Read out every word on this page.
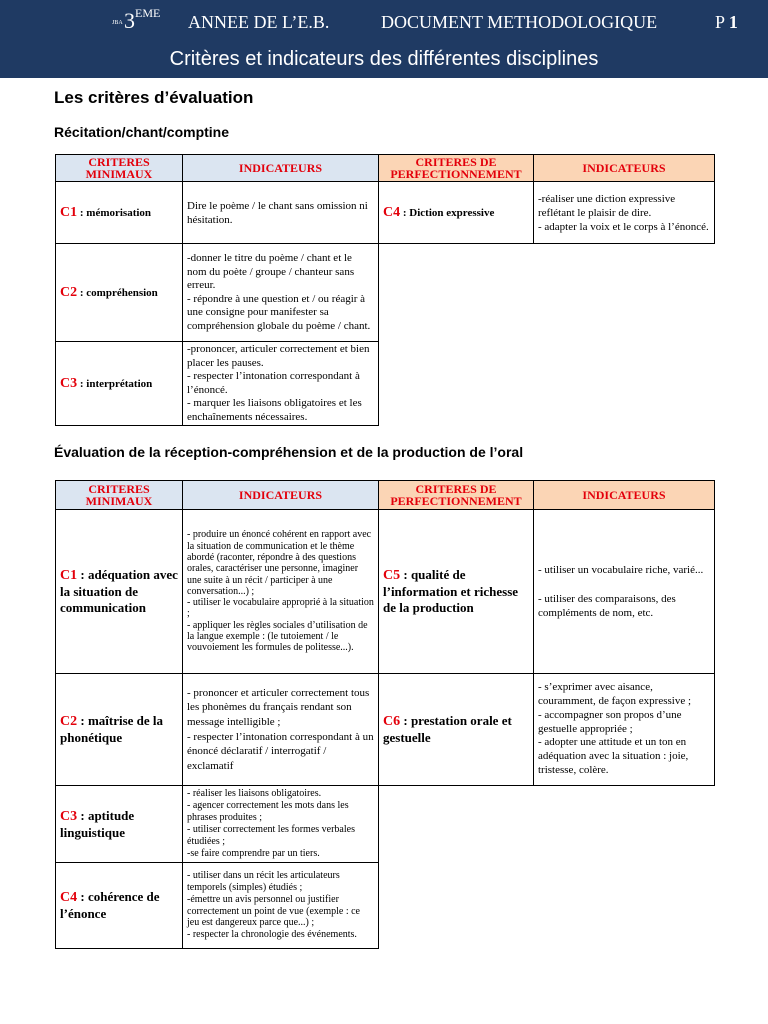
JBA 3EME ANNEE DE L’E.B.	DOCUMENT METHODOLOGIQUE	P 1
Critères et indicateurs des différentes disciplines
Les critères d’évaluation
Récitation/chant/comptine
CRITERES MINIMAUX	INDICATEURS	CRITERES DE PERFECTIONNEMENT	INDICATEURS
C1 : mémorisation	Dire le poème / le chant sans omission ni hésitation.	C4 : Diction expressive	-réaliser une diction expressive reflétant le plaisir de dire.
- adapter la voix et le corps à l’énoncé.
C2 : compréhension	-donner le titre du poème / chant et le nom du poète / groupe / chanteur sans erreur.
- répondre à une question et / ou réagir à une consigne pour manifester sa compréhension globale du poème / chant.		
C3 : interprétation	-prononcer, articuler correctement et bien placer les pauses.
- respecter l’intonation correspondant à l’énoncé.
- marquer les liaisons obligatoires et les enchaînements nécessaires.		
Évaluation de la réception-compréhension et de la production de l’oral
CRITERES MINIMAUX	INDICATEURS	CRITERES DE PERFECTIONNEMENT	INDICATEURS
C1 : adéquation avec la situation de communication	- produire un énoncé cohérent en rapport avec la situation de communication et le thème abordé (raconter, répondre à des questions orales, caractériser une personne, imaginer une suite à un récit / participer à une conversation...) ;
- utiliser le vocabulaire approprié à la situation ;
- appliquer les règles sociales d’utilisation de la langue exemple : (le tutoiement / le vouvoiement les formules de politesse...).	C5 : qualité de l’information et richesse de la production	- utiliser un vocabulaire riche, varié...

- utiliser des comparaisons, des compléments de nom, etc.
C2 : maîtrise de la phonétique	- prononcer et articuler correctement tous les phonèmes du français rendant son message intelligible ;
- respecter l’intonation correspondant à un énoncé déclaratif / interrogatif / exclamatif	C6 : prestation orale et gestuelle	- s’exprimer avec aisance, couramment, de façon expressive ;
- accompagner son propos d’une gestuelle appropriée ;
- adopter une attitude et un ton en adéquation avec la situation : joie, tristesse, colère.
C3 : aptitude linguistique	- réaliser les liaisons obligatoires.
- agencer correctement les mots dans les phrases produites ;
- utiliser correctement les formes verbales étudiées ;
-se faire comprendre par un tiers.		
C4 : cohérence de l’énonce	- utiliser dans un récit les articulateurs temporels (simples) étudiés ;
-émettre un avis personnel ou justifier correctement un point de vue (exemple : ce jeu est dangereux parce que...) ;
- respecter la chronologie des événements.		
